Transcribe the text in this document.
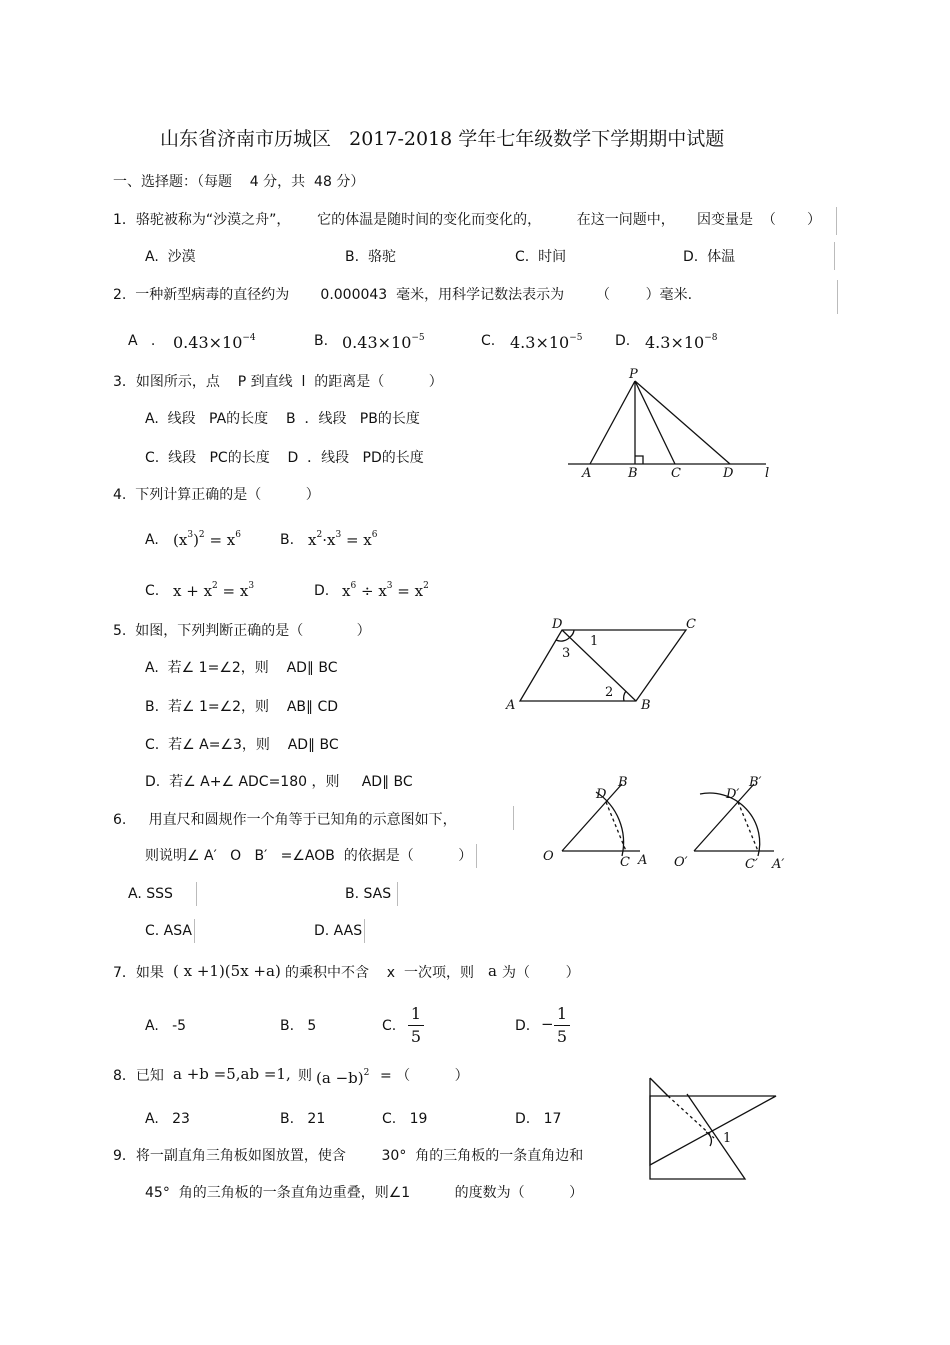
山东省济南市历城区   2017-2018 学年七年级数学下学期期中试题
一、选择题：（每题    4 分，共  48 分）
1．骆驼被称为“沙漠之舟”，      它的体温是随时间的变化而变化的，        在这一问题中，     因变量是  （       ）
A.  沙漠	B.  骆驼	C.  时间	D.  体温
2.  一种新型病毒的直径约为       0.000043  毫米，用科学记数法表示为 （        ）毫米.
A   . $0.43\times 10^{-4}$	B. $0.43\times 10^{-5}$	C. $4.3\times 10^{-5}$ D. $4.3\times 10^{-8}$
3．如图所示，点    P 到直线  l  的距离是（          ）
A.  线段   PA的长度    B  ．线段   PB的长度
C.  线段   PC的长度    D  ．线段   PD的长度
P
A	B	C	D l
4.  下列计算正确的是（          ）
A. $(x^3)^2 = x^6$	B. $x^2\cdot x^3 = x^6$
C. $x + x^2 = x^3$	D. $x^6 \div x^3 = x^2$
5.  如图，下列判断正确的是（            ）
A.  若∠ 1=∠2，则    AD∥ BC
B.  若∠ 1=∠2，则    AB∥ CD
C.  若∠ A=∠3，则    AD∥ BC
D.  若∠ A+∠ ADC=180 ，则     AD∥ BC
D	C
A	B
1
3
2
6.     用直尺和圆规作一个角等于已知角的示意图如下，
则说明∠ A′   O   B′   =∠AOB  的依据是（          ）
A. SSS	B. SAS
C. ASA	D. AAS
O
D
B
C A O′
D′
B′
C′ A′
7．如果 ( x +1)(5x +a) 的乘积中不含    x  一次项，则 a 为（        ）
A.   -5	B.   5	C.
1
5
D. −
1
5
8．已知 a +b =5,ab =1, 则 $(a -b)^2$ = （          ）
A.   23	B.   21	C.   19	D.   17
1
9．将一副直角三角板如图放置，使含        30°  角的三角板的一条直角边和
45°  角的三角板的一条直角边重叠，则∠1          的度数为（          ）
